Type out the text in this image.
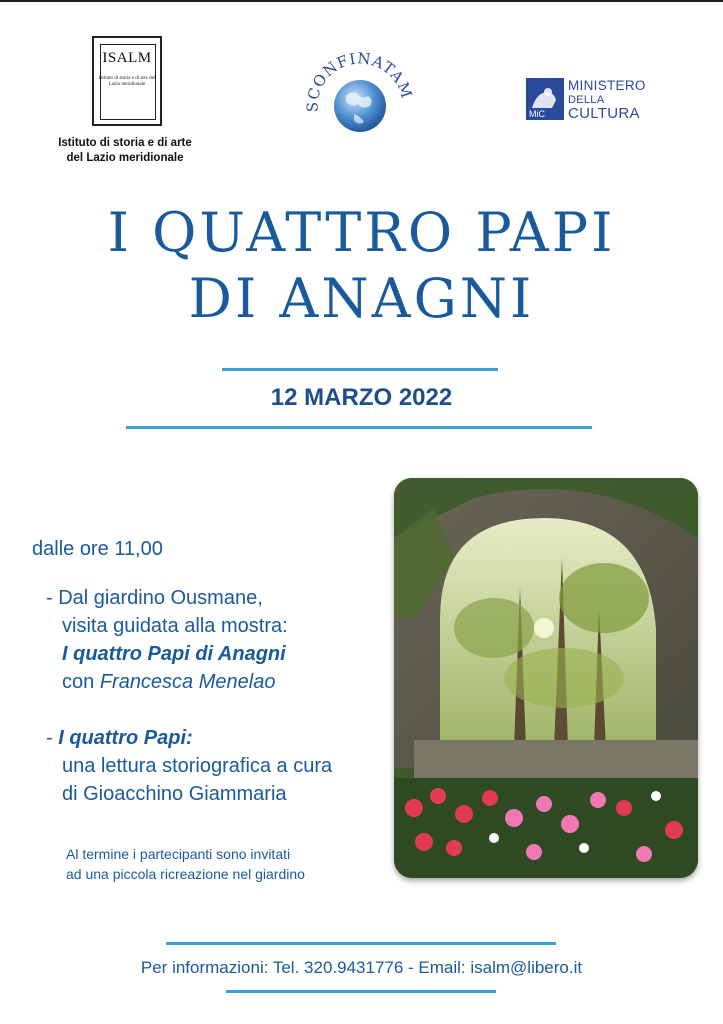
ISALM
Istituto di storia e di arte del Lazio meridionale
Istituto di storia e di arte
del Lazio meridionale
SCONFINATAM
MiC
MINISTERO
DELLA
CULTURA
I QUATTRO PAPI
DI ANAGNI
12 MARZO 2022
dalle ore 11,00
- Dal giardino Ousmane,
visita guidata alla mostra:
I quattro Papi di Anagni
con Francesca Menelao
- I quattro Papi:
una lettura storiografica a cura
di Gioacchino Giammaria
Al termine i partecipanti sono invitati
ad una piccola ricreazione nel giardino
Per informazioni: Tel. 320.9431776 - Email: isalm@libero.it
